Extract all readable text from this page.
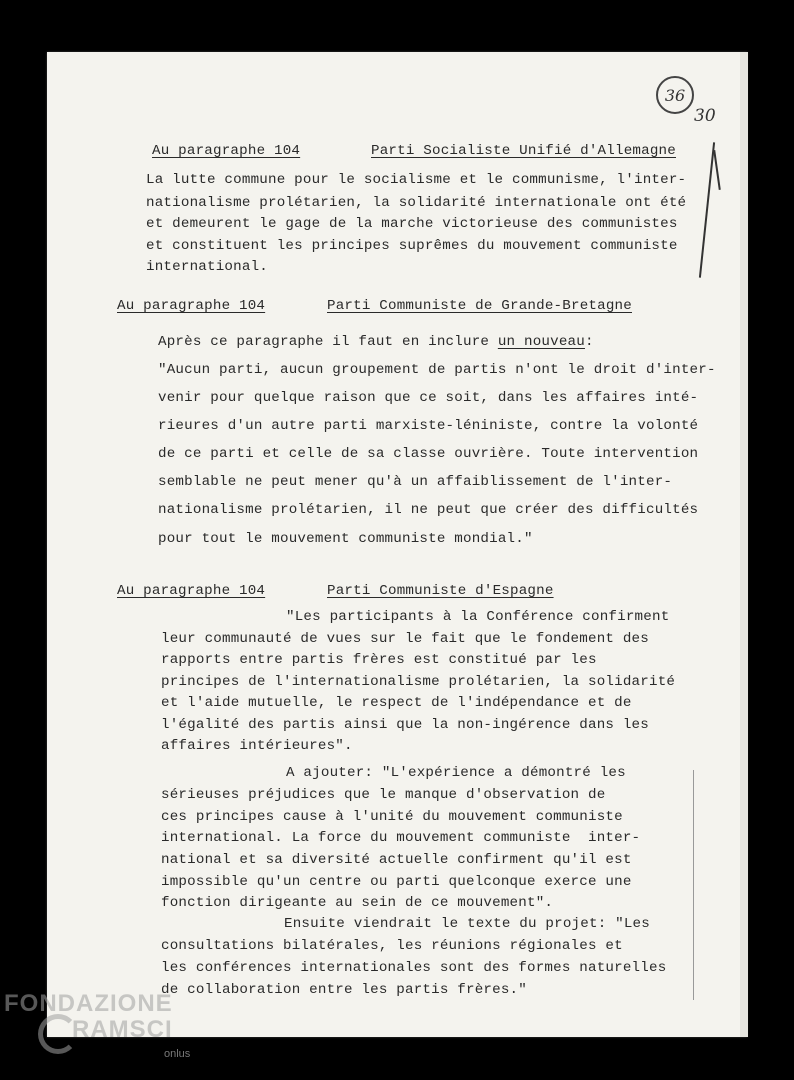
36
30
Au paragraphe 104	Parti Socialiste Unifié d'Allemagne
La lutte commune pour le socialisme et le communisme, l'inter-
nationalisme prolétarien, la solidarité internationale ont été
et demeurent le gage de la marche victorieuse des communistes
et constituent les principes suprêmes du mouvement communiste
international.
Au paragraphe 104	Parti Communiste de Grande-Bretagne
Après ce paragraphe il faut en inclure un nouveau:
"Aucun parti, aucun groupement de partis n'ont le droit d'inter-
venir pour quelque raison que ce soit, dans les affaires inté-
rieures d'un autre parti marxiste-léniniste, contre la volonté
de ce parti et celle de sa classe ouvrière. Toute intervention
semblable ne peut mener qu'à un affaiblissement de l'inter-
nationalisme prolétarien, il ne peut que créer des difficultés
pour tout le mouvement communiste mondial."
Au paragraphe 104	Parti Communiste d'Espagne
"Les participants à la Conférence confirment
leur communauté de vues sur le fait que le fondement des
rapports entre partis frères est constitué par les
principes de l'internationalisme prolétarien, la solidarité
et l'aide mutuelle, le respect de l'indépendance et de
l'égalité des partis ainsi que la non-ingérence dans les
affaires intérieures".
A ajouter: "L'expérience a démontré les
sérieuses préjudices que le manque d'observation de
ces principes cause à l'unité du mouvement communiste
international. La force du mouvement communiste  inter-
national et sa diversité actuelle confirment qu'il est
impossible qu'un centre ou parti quelconque exerce une
fonction dirigeante au sein de ce mouvement".
Ensuite viendrait le texte du projet: "Les
consultations bilatérales, les réunions régionales et
les conférences internationales sont des formes naturelles
de collaboration entre les partis frères."
FONDAZIONE
RAMSCI
onlus
